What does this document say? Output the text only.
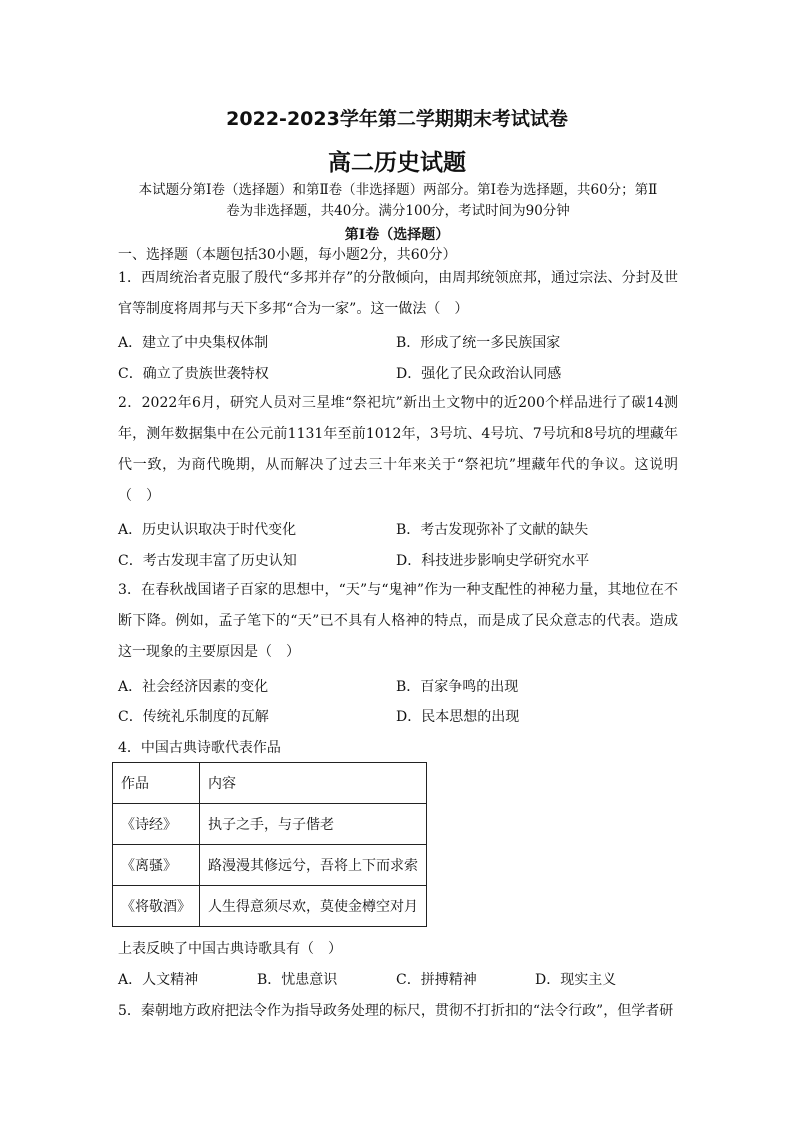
2022-2023学年第二学期期末考试试卷
高二历史试题
本试题分第Ⅰ卷（选择题）和第Ⅱ卷（非选择题）两部分。第Ⅰ卷为选择题，共60分；第Ⅱ
卷为非选择题，共40分。满分100分，考试时间为90分钟
第Ⅰ卷（选择题）
一、选择题（本题包括30小题，每小题2分，共60分）
1．西周统治者克服了殷代“多邦并存”的分散倾向，由周邦统领庶邦，通过宗法、分封及世官等制度将周邦与天下多邦“合为一家”。这一做法（　）
A．建立了中央集权体制	B．形成了统一多民族国家
C．确立了贵族世袭特权	D．强化了民众政治认同感
2．2022年6月，研究人员对三星堆“祭祀坑”新出土文物中的近200个样品进行了碳14测年，测年数据集中在公元前1131年至前1012年，3号坑、4号坑、7号坑和8号坑的埋藏年代一致，为商代晚期，从而解决了过去三十年来关于“祭祀坑”埋藏年代的争议。这说明（　）
A．历史认识取决于时代变化	B．考古发现弥补了文献的缺失
C．考古发现丰富了历史认知	D．科技进步影响史学研究水平
3．在春秋战国诸子百家的思想中，“天”与“鬼神”作为一种支配性的神秘力量，其地位在不断下降。例如，孟子笔下的“天”已不具有人格神的特点，而是成了民众意志的代表。造成这一现象的主要原因是（　）
A．社会经济因素的变化	B．百家争鸣的出现
C．传统礼乐制度的瓦解	D．民本思想的出现
4．中国古典诗歌代表作品
作品	内容
《诗经》	执子之手，与子偕老
《离骚》	路漫漫其修远兮，吾将上下而求索
《将敬酒》	人生得意须尽欢，莫使金樽空对月
上表反映了中国古典诗歌具有（　）
A．人文精神	B．忧患意识	C．拼搏精神	D．现实主义
5．秦朝地方政府把法令作为指导政务处理的标尺，贯彻不打折扣的“法令行政”，但学者研
